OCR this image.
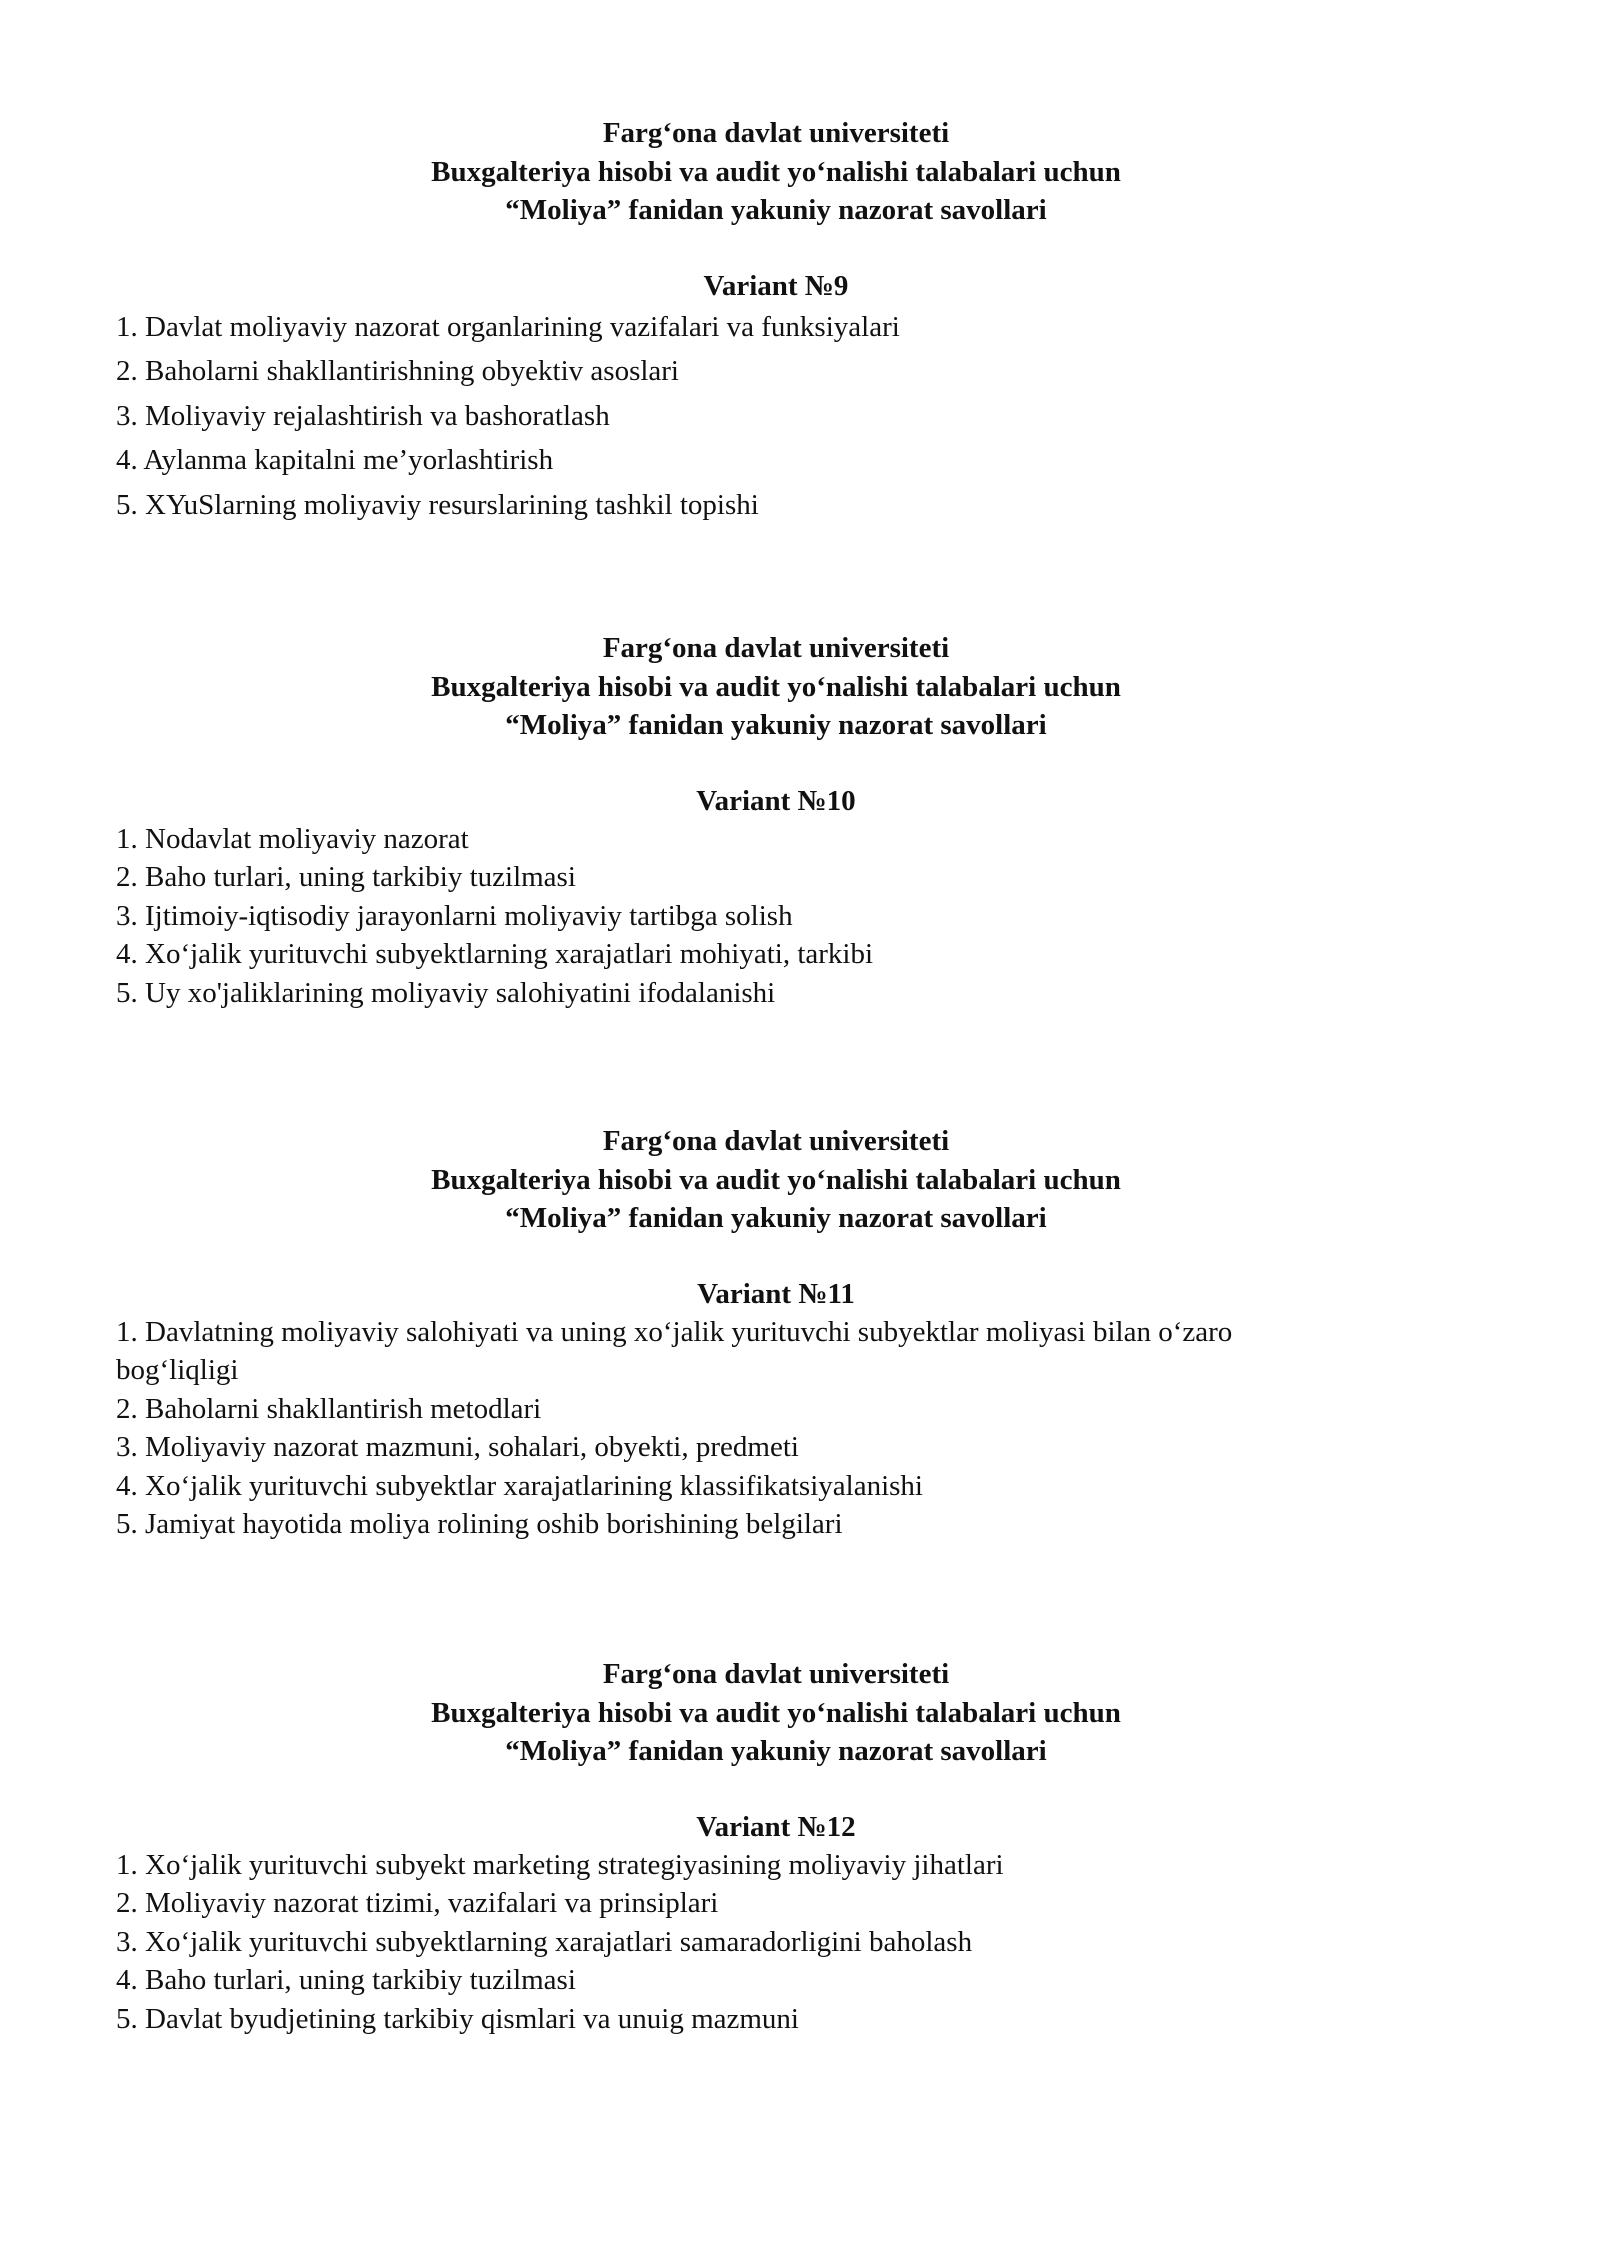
Farg‘ona davlat universiteti
Buxgalteriya hisobi va audit yo‘nalishi talabalari uchun
“Moliya” fanidan yakuniy nazorat savollari
Variant №9
1. Davlat moliyaviy nazorat organlarining vazifalari va funksiyalari
2. Baholarni shakllantirishning obyektiv asoslari
3. Moliyaviy rejalashtirish va bashoratlash
4. Aylanma kapitalni me’yorlashtirish
5. XYuSlarning moliyaviy resurslarining tashkil topishi
Farg‘ona davlat universiteti
Buxgalteriya hisobi va audit yo‘nalishi talabalari uchun
“Moliya” fanidan yakuniy nazorat savollari
Variant №10
1. Nodavlat moliyaviy nazorat
2. Baho turlari, uning tarkibiy tuzilmasi
3. Ijtimoiy-iqtisodiy jarayonlarni moliyaviy tartibga solish
4. Xo‘jalik yurituvchi subyektlarning xarajatlari mohiyati, tarkibi
5. Uy xo'jaliklarining moliyaviy salohiyatini ifodalanishi
Farg‘ona davlat universiteti
Buxgalteriya hisobi va audit yo‘nalishi talabalari uchun
“Moliya” fanidan yakuniy nazorat savollari
Variant №11
1. Davlatning moliyaviy salohiyati va uning xo‘jalik yurituvchi subyektlar moliyasi bilan o‘zaro
bog‘liqligi
2. Baholarni shakllantirish metodlari
3. Moliyaviy nazorat mazmuni, sohalari, obyekti, predmeti
4. Xo‘jalik yurituvchi subyektlar xarajatlarining klassifikatsiyalanishi
5. Jamiyat hayotida moliya rolining oshib borishining belgilari
Farg‘ona davlat universiteti
Buxgalteriya hisobi va audit yo‘nalishi talabalari uchun
“Moliya” fanidan yakuniy nazorat savollari
Variant №12
1. Xo‘jalik yurituvchi subyekt marketing strategiyasining moliyaviy jihatlari
2. Moliyaviy nazorat tizimi, vazifalari va prinsiplari
3. Xo‘jalik yurituvchi subyektlarning xarajatlari samaradorligini baholash
4. Baho turlari, uning tarkibiy tuzilmasi
5. Davlat byudjetining tarkibiy qismlari va unuig mazmuni
